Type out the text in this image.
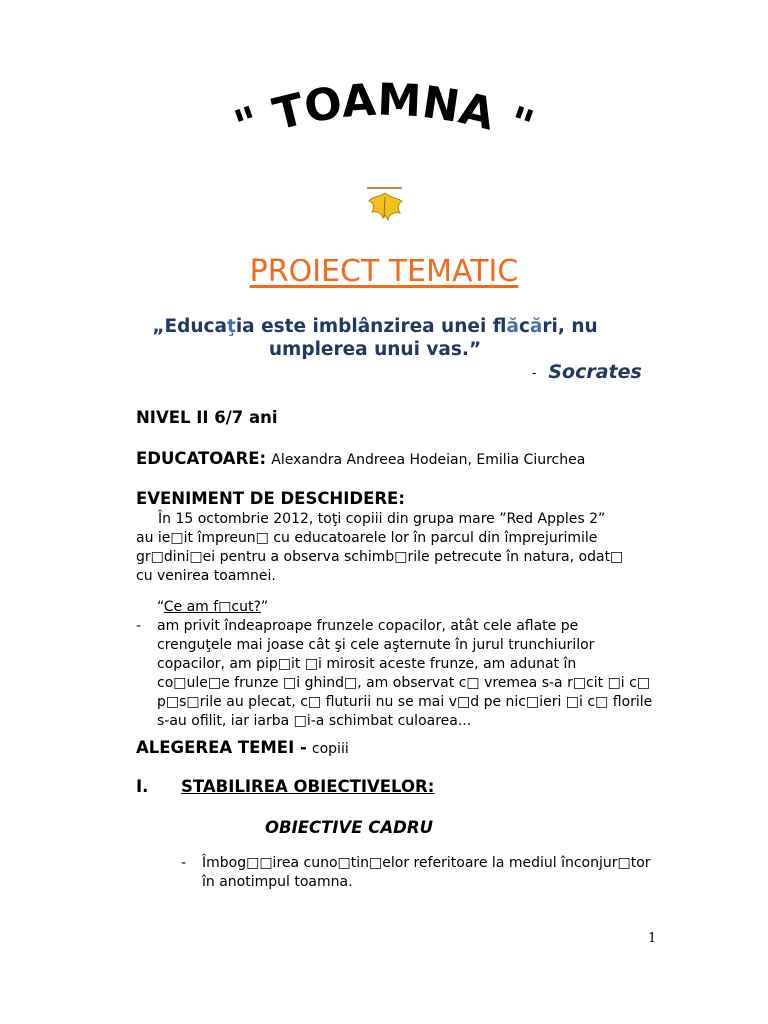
" TOAMNA "
PROIECT TEMATIC
„Educaţia este imblânzirea unei flăcări, nu
umplerea unui vas.”
- Socrates
NIVEL II 6/7 ani
EDUCATOARE: Alexandra Andreea Hodeian, Emilia Ciurchea
EVENIMENT DE DESCHIDERE:
În 15 octombrie 2012, toţi copiii din grupa mare ”Red Apples 2”
au ie□it împreun□ cu educatoarele lor în parcul din împrejurimile
gr□dini□ei pentru a observa schimb□rile petrecute în natura, odat□
cu venirea toamnei.
“Ce am f□cut?”
- am privit îndeaproape frunzele copacilor, atât cele aflate pe
crenguţele mai joase cât şi cele aşternute în jurul trunchiurilor
copacilor, am pip□it □i mirosit aceste frunze, am adunat în
co□ule□e frunze □i ghind□, am observat c□ vremea s-a r□cit □i c□
p□s□rile au plecat, c□ fluturii nu se mai v□d pe nic□ieri □i c□ florile
s-au ofilit, iar iarba □i-a schimbat culoarea...
ALEGEREA TEMEI - copiii
I. STABILIREA OBIECTIVELOR:
OBIECTIVE CADRU
- Îmbog□□irea cuno□tin□elor referitoare la mediul înconjur□tor
în anotimpul toamna.
1
